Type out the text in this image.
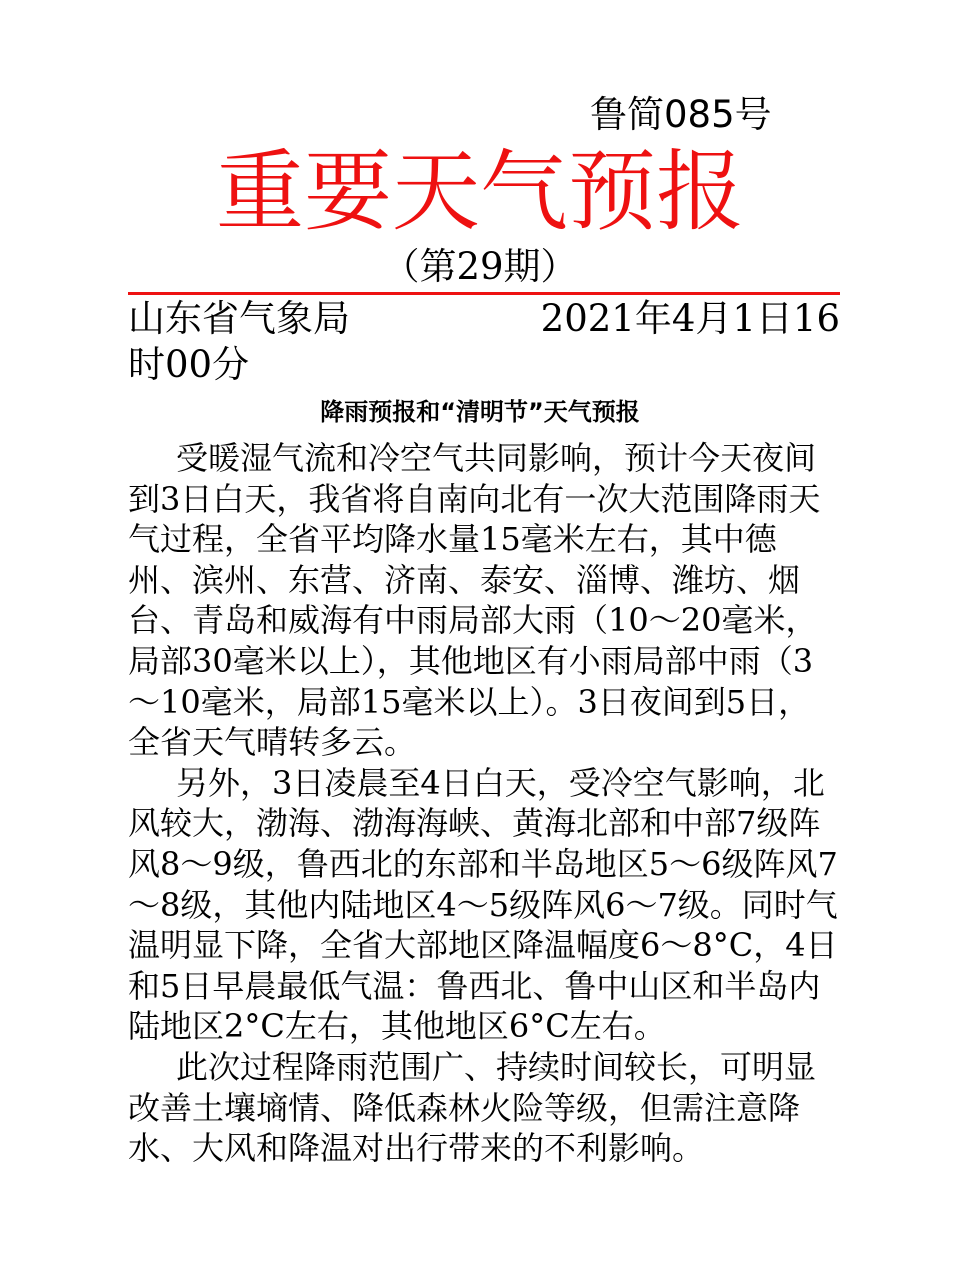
鲁简085号
重要天气预报
（第29期）
山东省气象局	2021年4月1日16
时00分
降雨预报和“清明节”天气预报

受暖湿气流和冷空气共同影响，预计今天夜间到3日白天，我省将自南向北有一次大范围降雨天气过程，全省平均降水量15毫米左右，其中德州、滨州、东营、济南、泰安、淄博、潍坊、烟台、青岛和威海有中雨局部大雨（10～20毫米，局部30毫米以上），其他地区有小雨局部中雨（3～10毫米，局部15毫米以上）。3日夜间到5日，全省天气晴转多云。

另外，3日凌晨至4日白天，受冷空气影响，北风较大，渤海、渤海海峡、黄海北部和中部7级阵风8～9级，鲁西北的东部和半岛地区5～6级阵风7～8级，其他内陆地区4～5级阵风6～7级。同时气温明显下降，全省大部地区降温幅度6～8°C，4日和5日早晨最低气温：鲁西北、鲁中山区和半岛内陆地区2°C左右，其他地区6°C左右。

此次过程降雨范围广、持续时间较长，可明显改善土壤墒情、降低森林火险等级，但需注意降水、大风和降温对出行带来的不利影响。
